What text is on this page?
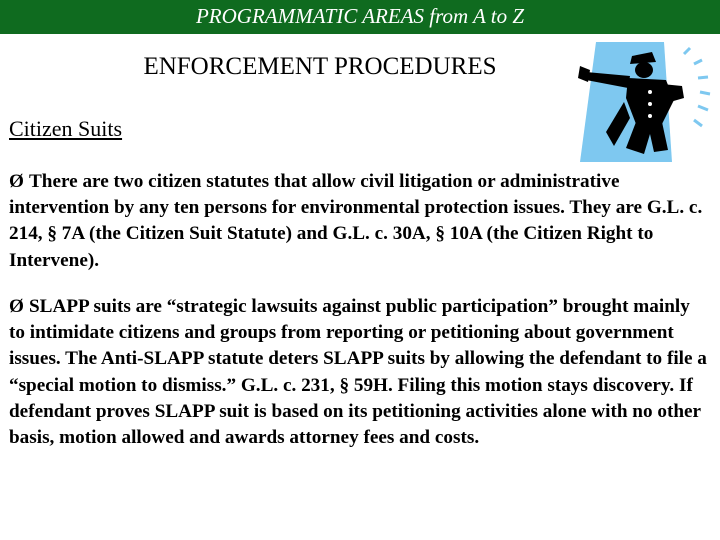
PROGRAMMATIC AREAS from A to Z
ENFORCEMENT PROCEDURES
Citizen Suits
Ø There are two citizen statutes that allow civil litigation or administrative intervention by any ten persons for environmental protection issues. They are G.L. c. 214, § 7A (the Citizen Suit Statute) and G.L. c. 30A, § 10A (the Citizen Right to Intervene).
Ø SLAPP suits are “strategic lawsuits against public participation” brought mainly to intimidate citizens and groups from reporting or petitioning about government issues. The Anti-SLAPP statute deters SLAPP suits by allowing the defendant to file a “special motion to dismiss.” G.L. c. 231, § 59H. Filing this motion stays discovery. If defendant proves SLAPP suit is based on its petitioning activities alone with no other basis, motion allowed and awards attorney fees and costs.
